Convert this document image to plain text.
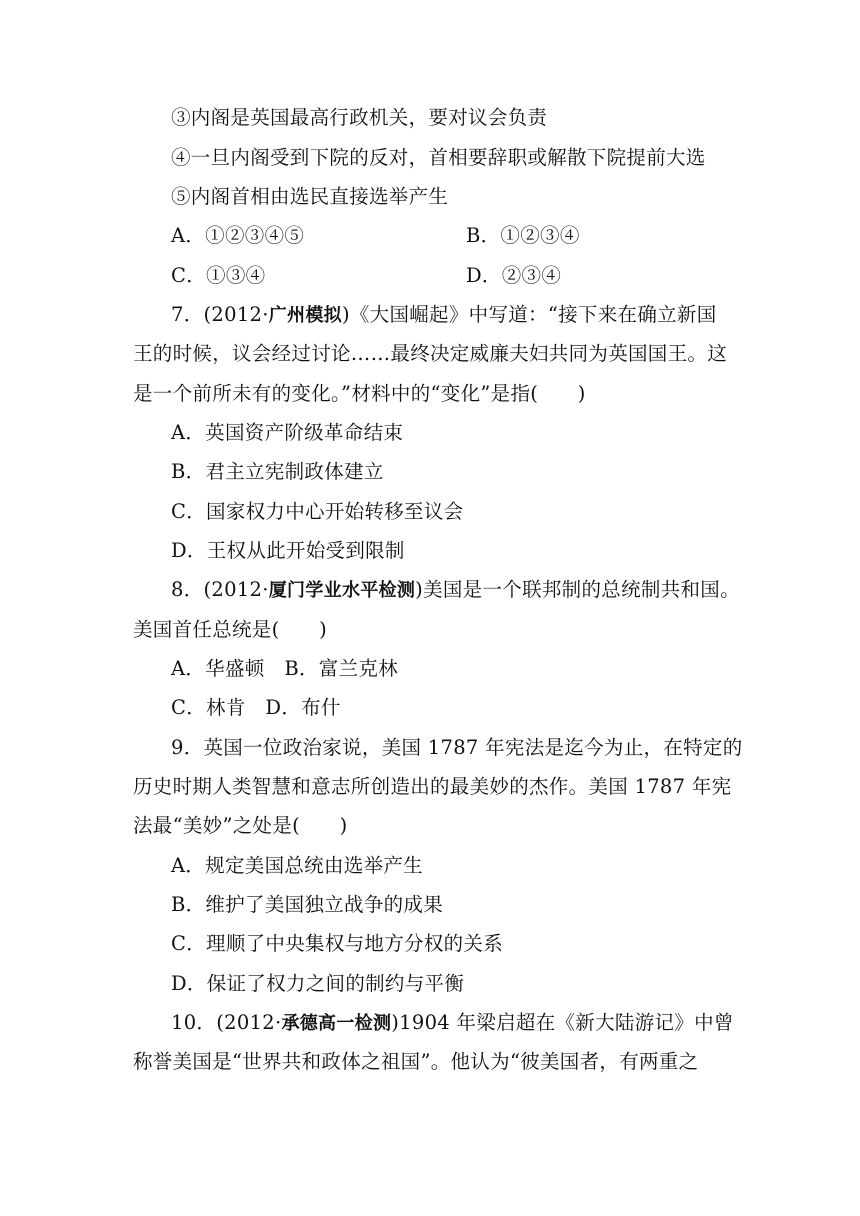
③内阁是英国最高行政机关，要对议会负责
④一旦内阁受到下院的反对，首相要辞职或解散下院提前大选
⑤内阁首相由选民直接选举产生
A．①②③④⑤	B．①②③④
C．①③④	D．②③④
7．(2012·广州模拟)《大国崛起》中写道：“接下来在确立新国
王的时候，议会经过讨论……最终决定威廉夫妇共同为英国国王。这
是一个前所未有的变化。”材料中的“变化”是指(　　)
A．英国资产阶级革命结束
B．君主立宪制政体建立
C．国家权力中心开始转移至议会
D．王权从此开始受到限制
8．(2012·厦门学业水平检测)美国是一个联邦制的总统制共和国。
美国首任总统是(　　)
A．华盛顿　B．富兰克林
C．林肯　D．布什
9．英国一位政治家说，美国 1787 年宪法是迄今为止，在特定的
历史时期人类智慧和意志所创造出的最美妙的杰作。美国 1787 年宪
法最“美妙”之处是(　　)
A．规定美国总统由选举产生
B．维护了美国独立战争的成果
C．理顺了中央集权与地方分权的关系
D．保证了权力之间的制约与平衡
10．(2012·承德高一检测)1904 年梁启超在《新大陆游记》中曾
称誉美国是“世界共和政体之祖国”。他认为“彼美国者，有两重之
